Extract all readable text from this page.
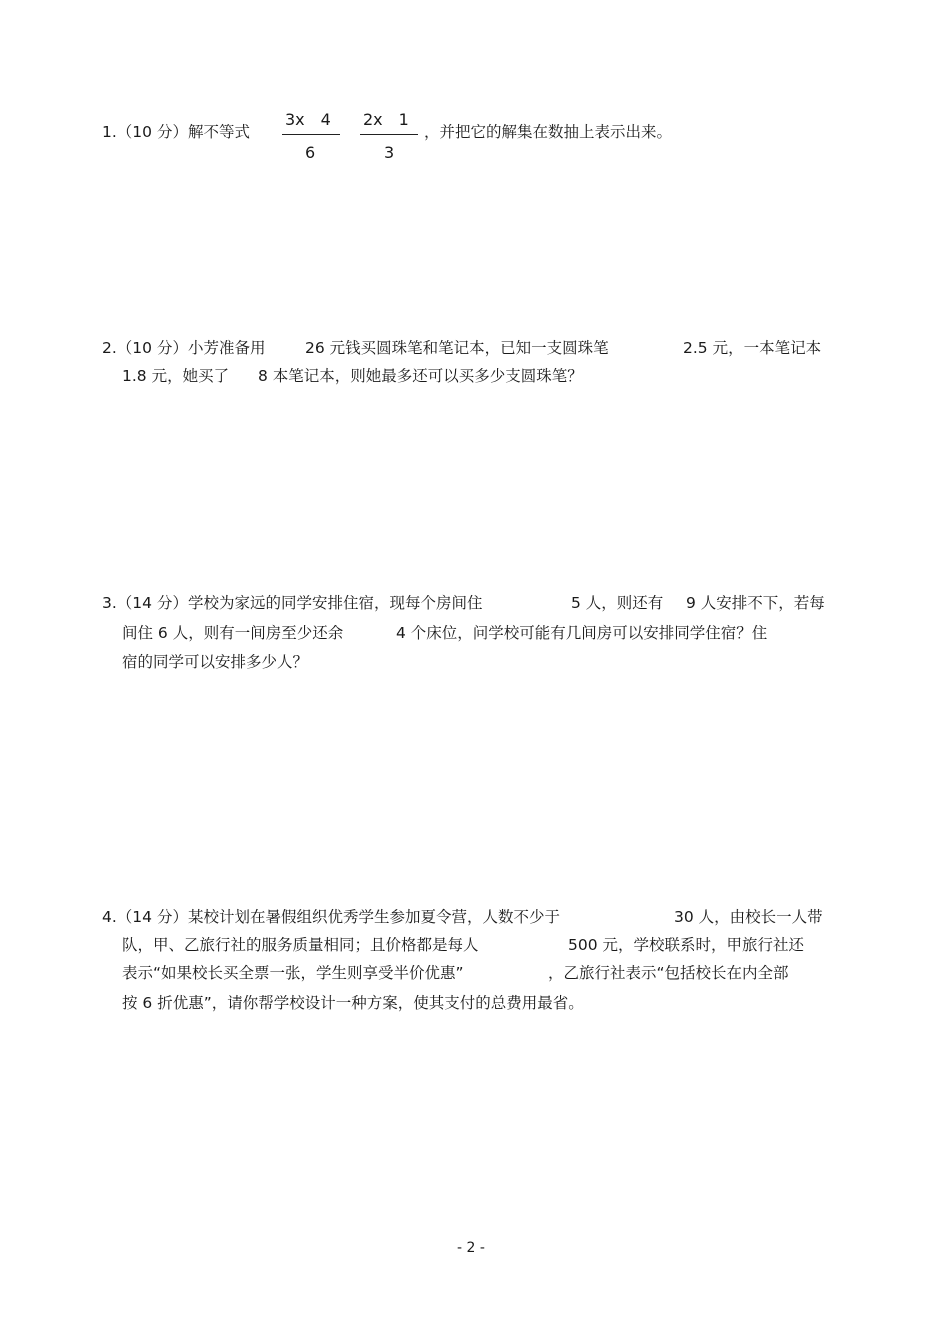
1.（10 分）解不等式
3x　4
6
2x　1
3
，并把它的解集在数抽上表示出来。
2.（10 分）小芳准备用	26 元钱买圆珠笔和笔记本，已知一支圆珠笔	2.5 元，一本笔记本
1.8 元，她买了 8 本笔记本，则她最多还可以买多少支圆珠笔？
3.（14 分）学校为家远的同学安排住宿，现每个房间住	5 人，则还有 9 人安排不下，若每
间住 6 人，则有一间房至少还余	4 个床位，问学校可能有几间房可以安排同学住宿？住
宿的同学可以安排多少人？
4.（14 分）某校计划在暑假组织优秀学生参加夏令营，人数不少于	30 人，由校长一人带
队，甲、乙旅行社的服务质量相同；且价格都是每人	500 元，学校联系时，甲旅行社还
表示“如果校长买全票一张，学生则享受半价优惠”	，乙旅行社表示“包括校长在内全部
按 6 折优惠”，请你帮学校设计一种方案，使其支付的总费用最省。
- 2 -
